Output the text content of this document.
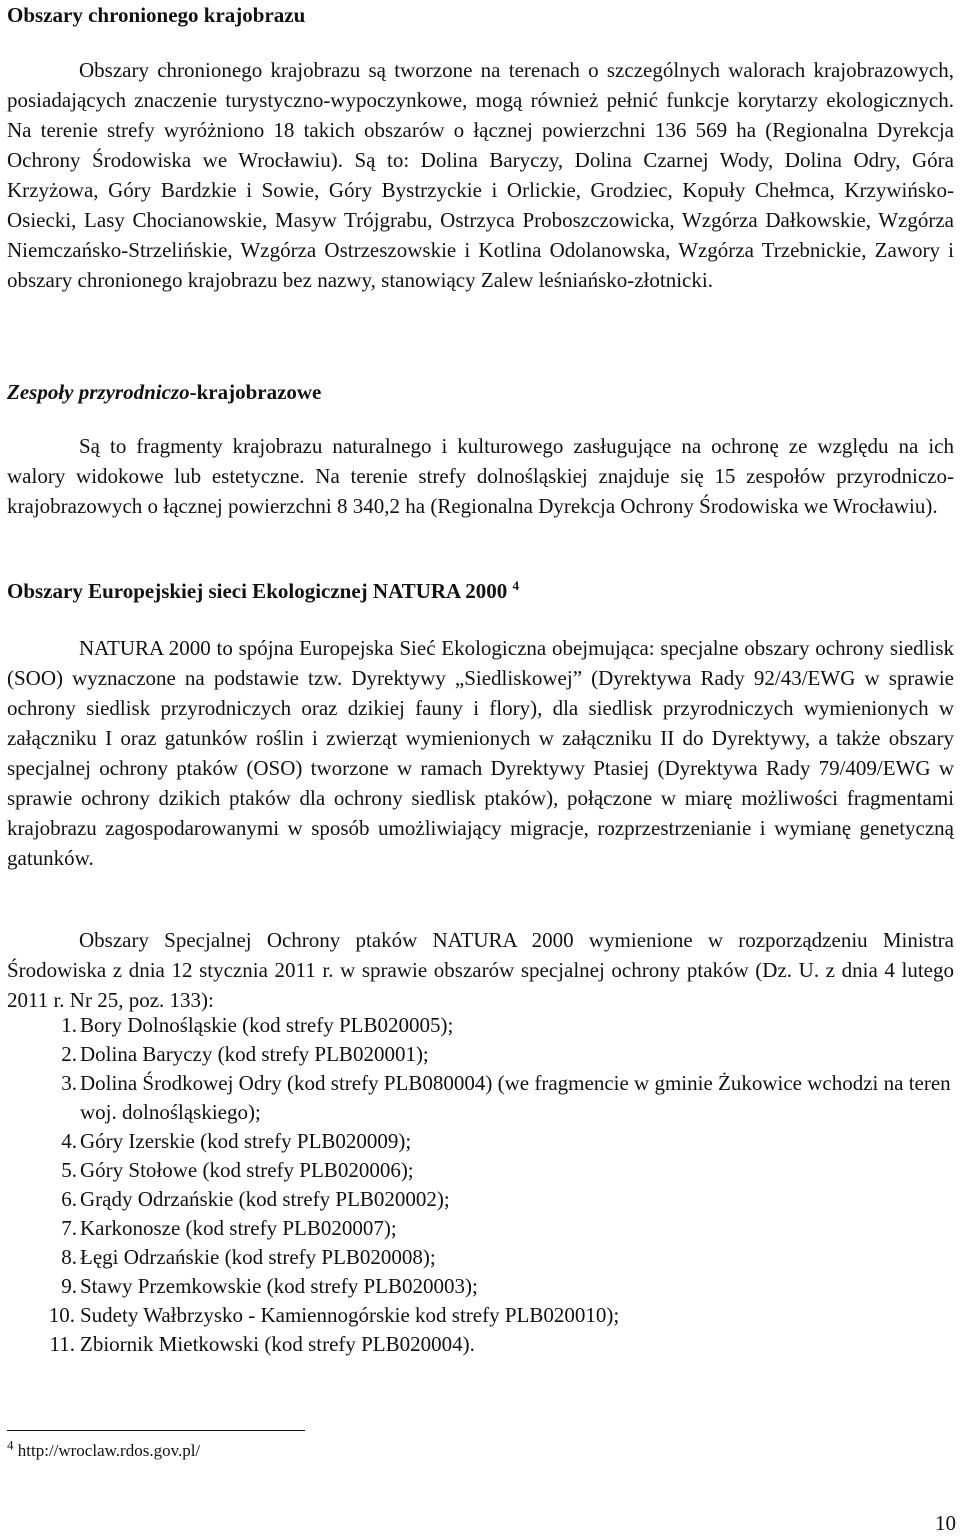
Obszary chronionego krajobrazu

Obszary chronionego krajobrazu są tworzone na terenach o szczególnych walorach krajobrazowych, posiadających znaczenie turystyczno-wypoczynkowe, mogą również pełnić funkcje korytarzy ekologicznych. Na terenie strefy wyróżniono 18 takich obszarów o łącznej powierzchni 136 569 ha (Regionalna Dyrekcja Ochrony Środowiska we Wrocławiu). Są to: Dolina Baryczy, Dolina Czarnej Wody, Dolina Odry, Góra Krzyżowa, Góry Bardzkie i Sowie, Góry Bystrzyckie i Orlickie, Grodziec, Kopuły Chełmca, Krzywińsko-Osiecki, Lasy Chocianowskie, Masyw Trójgrabu, Ostrzyca Proboszczowicka, Wzgórza Dałkowskie, Wzgórza Niemczańsko-Strzelińskie, Wzgórza Ostrzeszowskie i Kotlina Odolanowska, Wzgórza Trzebnickie, Zawory i obszary chronionego krajobrazu bez nazwy, stanowiący Zalew leśniańsko-złotnicki.

Zespoły przyrodniczo-krajobrazowe

Są to fragmenty krajobrazu naturalnego i kulturowego zasługujące na ochronę ze względu na ich walory widokowe lub estetyczne. Na terenie strefy dolnośląskiej znajduje się 15 zespołów przyrodniczo-krajobrazowych o łącznej powierzchni 8 340,2 ha (Regionalna Dyrekcja Ochrony Środowiska we Wrocławiu).

Obszary Europejskiej sieci Ekologicznej NATURA 2000 $^4$

NATURA 2000 to spójna Europejska Sieć Ekologiczna obejmująca: specjalne obszary ochrony siedlisk (SOO) wyznaczone na podstawie tzw. Dyrektywy „Siedliskowej” (Dyrektywa Rady 92/43/EWG w sprawie ochrony siedlisk przyrodniczych oraz dzikiej fauny i flory), dla siedlisk przyrodniczych wymienionych w załączniku I oraz gatunków roślin i zwierząt wymienionych w załączniku II do Dyrektywy, a także obszary specjalnej ochrony ptaków (OSO) tworzone w ramach Dyrektywy Ptasiej (Dyrektywa Rady 79/409/EWG w sprawie ochrony dzikich ptaków dla ochrony siedlisk ptaków), połączone w miarę możliwości fragmentami krajobrazu zagospodarowanymi w sposób umożliwiający migracje, rozprzestrzenianie i wymianę genetyczną gatunków.

Obszary Specjalnej Ochrony ptaków NATURA 2000 wymienione w rozporządzeniu Ministra Środowiska z dnia 12 stycznia 2011 r. w sprawie obszarów specjalnej ochrony ptaków (Dz. U. z dnia 4 lutego 2011 r. Nr 25, poz. 133):

1. Bory Dolnośląskie (kod strefy PLB020005);
2. Dolina Baryczy (kod strefy PLB020001);
3. Dolina Środkowej Odry (kod strefy PLB080004) (we fragmencie w gminie Żukowice wchodzi na teren woj. dolnośląskiego);
4. Góry Izerskie (kod strefy PLB020009);
5. Góry Stołowe (kod strefy PLB020006);
6. Grądy Odrzańskie (kod strefy PLB020002);
7. Karkonosze (kod strefy PLB020007);
8. Łęgi Odrzańskie (kod strefy PLB020008);
9. Stawy Przemkowskie (kod strefy PLB020003);
10. Sudety Wałbrzysko - Kamiennogórskie kod strefy PLB020010);
11. Zbiornik Mietkowski (kod strefy PLB020004).
$^4$ http://wroclaw.rdos.gov.pl/
10
